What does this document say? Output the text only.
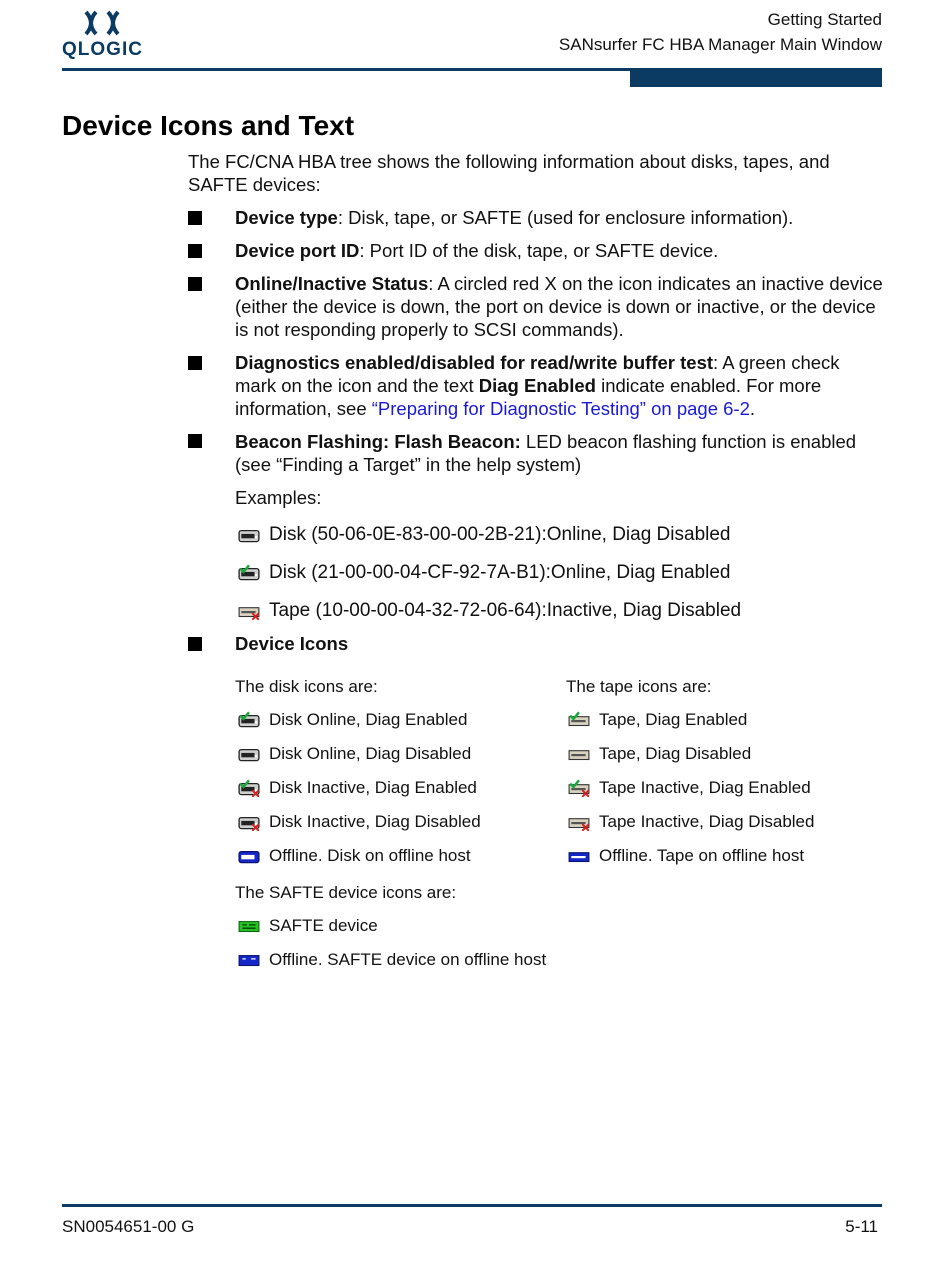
QLOGIC
Getting Started
SANsurfer FC HBA Manager Main Window
Device Icons and Text
The FC/CNA HBA tree shows the following information about disks, tapes, and SAFTE devices:
Device type: Disk, tape, or SAFTE (used for enclosure information).
Device port ID: Port ID of the disk, tape, or SAFTE device.
Online/Inactive Status: A circled red X on the icon indicates an inactive device (either the device is down, the port on device is down or inactive, or the device is not responding properly to SCSI commands).
Diagnostics enabled/disabled for read/write buffer test: A green check mark on the icon and the text Diag Enabled indicate enabled. For more information, see “Preparing for Diagnostic Testing” on page 6-2.
Beacon Flashing: Flash Beacon: LED beacon flashing function is enabled (see “Finding a Target” in the help system)
Examples:
Disk (50-06-0E-83-00-00-2B-21):Online, Diag Disabled
Disk (21-00-00-04-CF-92-7A-B1):Online, Diag Enabled
Tape (10-00-00-04-32-72-06-64):Inactive, Diag Disabled
Device Icons
The disk icons are:
Disk Online, Diag Enabled
Disk Online, Diag Disabled
Disk Inactive, Diag Enabled
Disk Inactive, Diag Disabled
Offline. Disk on offline host
The tape icons are:
Tape, Diag Enabled
Tape, Diag Disabled
Tape Inactive, Diag Enabled
Tape Inactive, Diag Disabled
Offline. Tape on offline host
The SAFTE device icons are:
SAFTE device
Offline. SAFTE device on offline host
SN0054651-00 G	5-11
